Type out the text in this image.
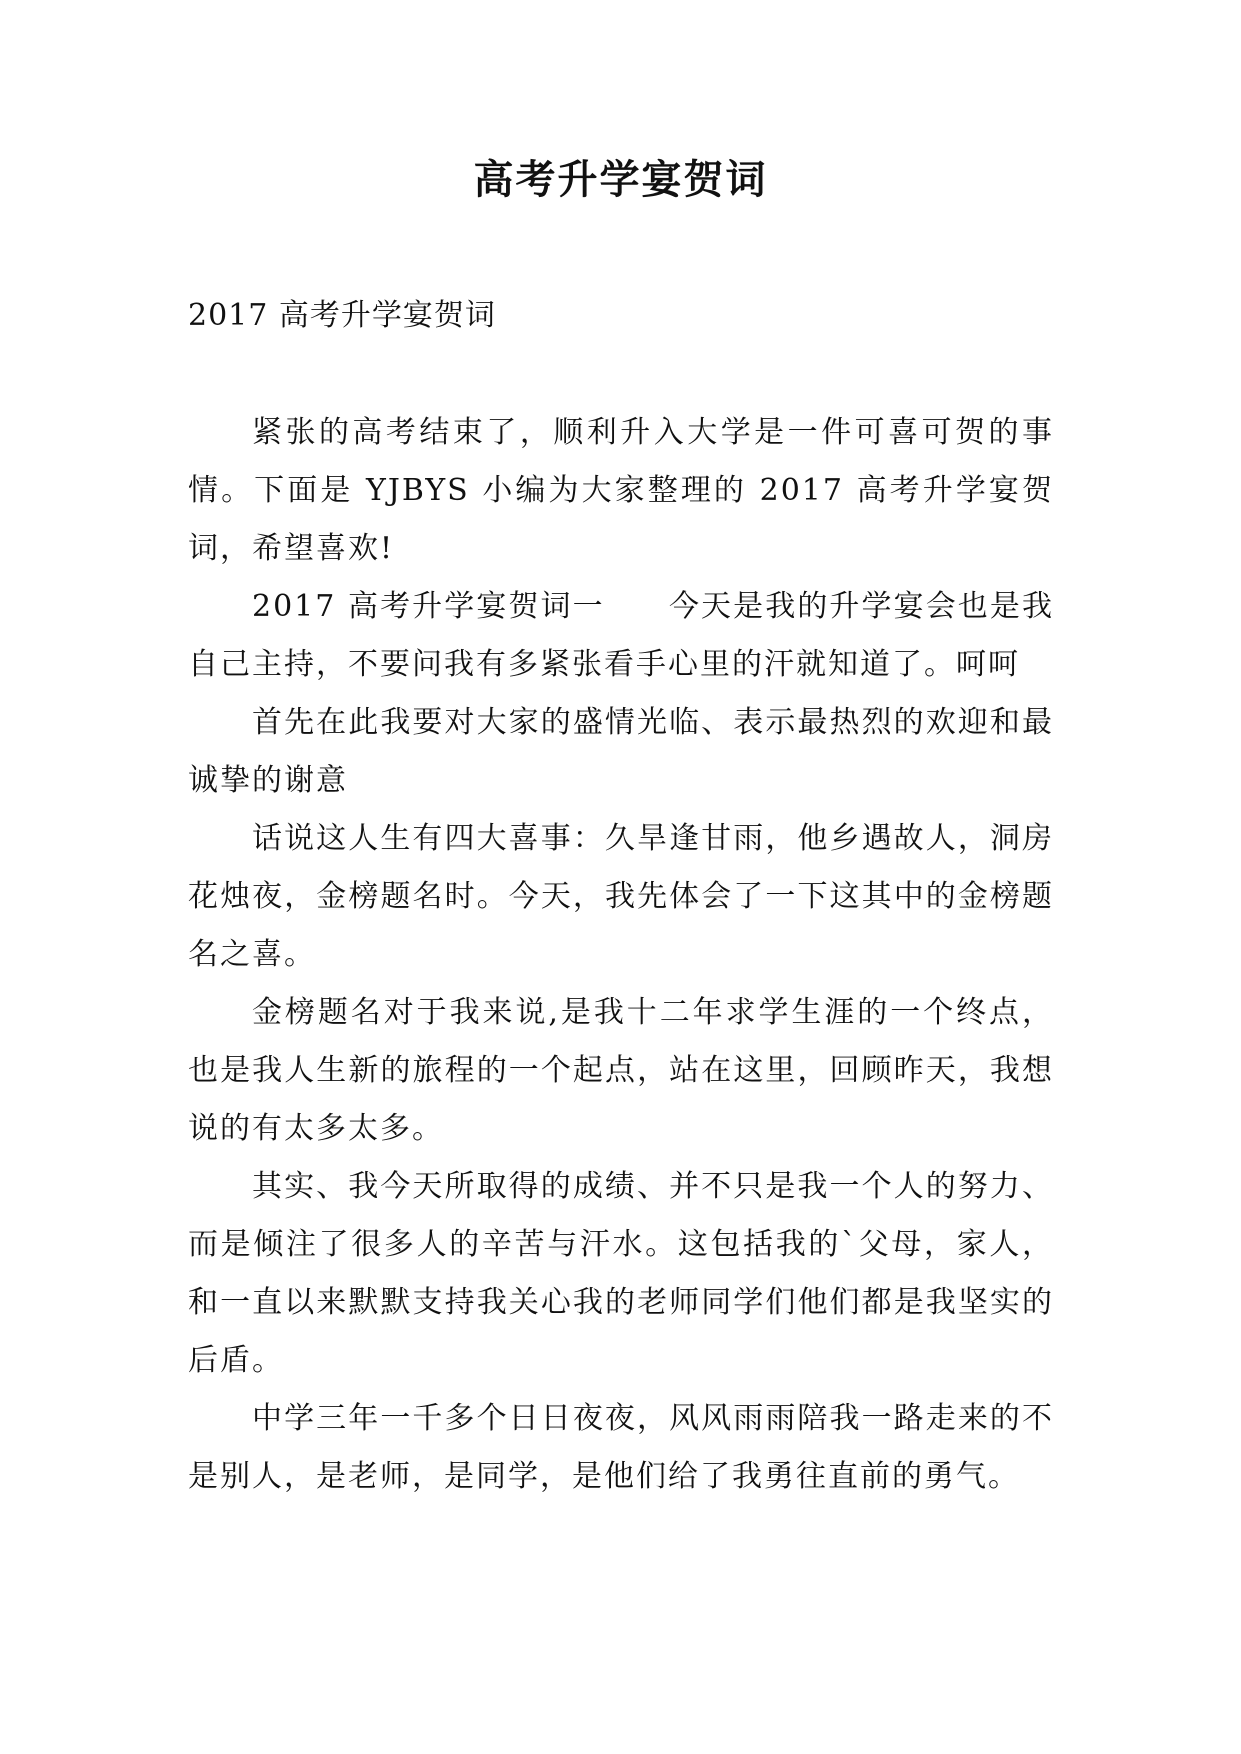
高考升学宴贺词
2017 高考升学宴贺词

紧张的高考结束了，顺利升入大学是一件可喜可贺的事情。下面是 YJBYS 小编为大家整理的 2017 高考升学宴贺词，希望喜欢!

2017 高考升学宴贺词一　　今天是我的升学宴会也是我自己主持，不要问我有多紧张看手心里的汗就知道了。呵呵

首先在此我要对大家的盛情光临、表示最热烈的欢迎和最诚挚的谢意

话说这人生有四大喜事：久旱逢甘雨，他乡遇故人，洞房花烛夜，金榜题名时。今天，我先体会了一下这其中的金榜题名之喜。

金榜题名对于我来说,是我十二年求学生涯的一个终点，也是我人生新的旅程的一个起点，站在这里，回顾昨天，我想说的有太多太多。

其实、我今天所取得的成绩、并不只是我一个人的努力、而是倾注了很多人的辛苦与汗水。这包括我的`父母，家人，和一直以来默默支持我关心我的老师同学们他们都是我坚实的后盾。

中学三年一千多个日日夜夜，风风雨雨陪我一路走来的不是别人，是老师，是同学，是他们给了我勇往直前的勇气。
